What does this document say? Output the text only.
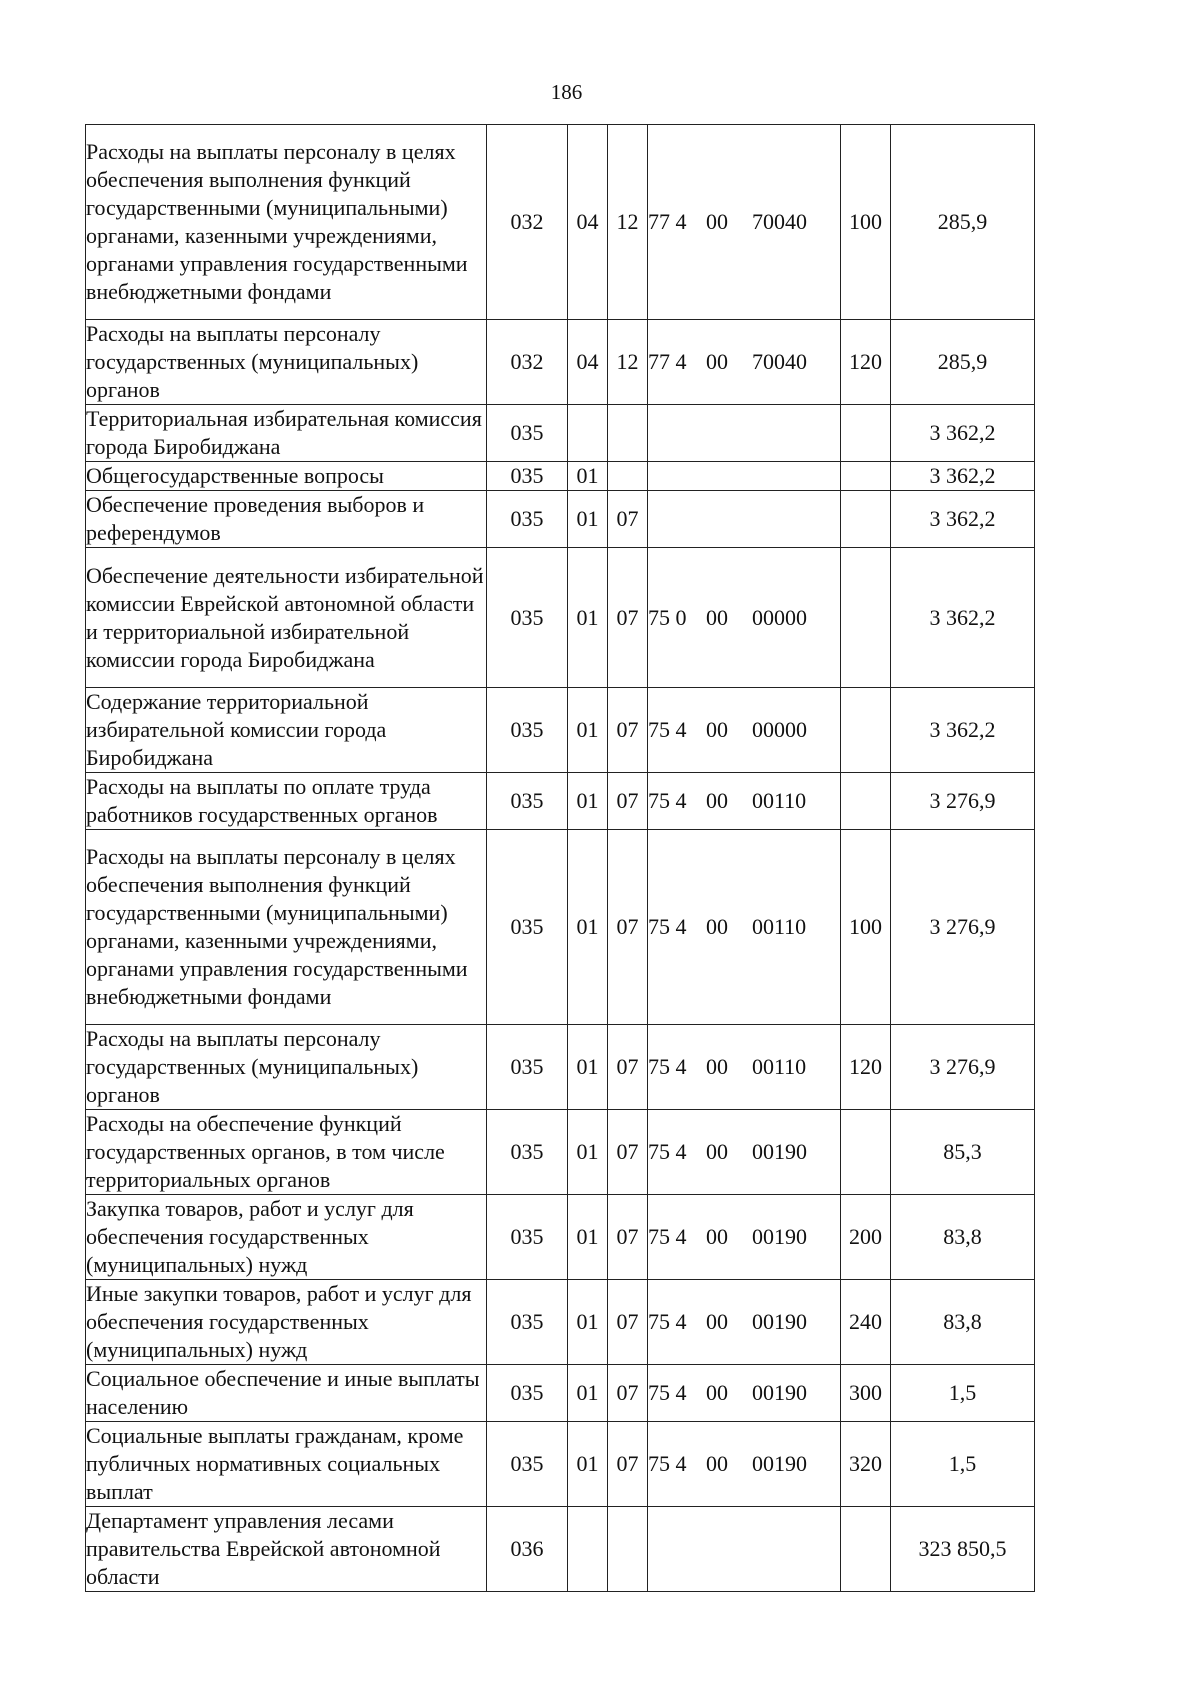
186
Расходы на выплаты персоналу в целях обеспечения выполнения функций государственными (муниципальными) органами, казенными учреждениями, органами управления государственными внебюджетными фондами	032	04	12	77 4 00 70040	100	285,9
Расходы на выплаты персоналу государственных (муниципальных) органов	032	04	12	77 4 00 70040	120	285,9
Территориальная избирательная комиссия города Биробиджана	035					3 362,2
Общегосударственные вопросы	035	01				3 362,2
Обеспечение проведения выборов и референдумов	035	01	07			3 362,2
Обеспечение деятельности избирательной комиссии Еврейской автономной области и территориальной избирательной комиссии города Биробиджана	035	01	07	75 0 00 00000		3 362,2
Содержание территориальной избирательной комиссии города Биробиджана	035	01	07	75 4 00 00000		3 362,2
Расходы на выплаты по оплате труда работников государственных органов	035	01	07	75 4 00 00110		3 276,9
Расходы на выплаты персоналу в целях обеспечения выполнения функций государственными (муниципальными) органами, казенными учреждениями, органами управления государственными внебюджетными фондами	035	01	07	75 4 00 00110	100	3 276,9
Расходы на выплаты персоналу государственных (муниципальных) органов	035	01	07	75 4 00 00110	120	3 276,9
Расходы на обеспечение функций государственных органов, в том числе территориальных органов	035	01	07	75 4 00 00190		85,3
Закупка товаров, работ и услуг для обеспечения государственных (муниципальных) нужд	035	01	07	75 4 00 00190	200	83,8
Иные закупки товаров, работ и услуг для обеспечения государственных (муниципальных) нужд	035	01	07	75 4 00 00190	240	83,8
Социальное обеспечение и иные выплаты населению	035	01	07	75 4 00 00190	300	1,5
Социальные выплаты гражданам, кроме публичных нормативных социальных выплат	035	01	07	75 4 00 00190	320	1,5
Департамент управления лесами правительства Еврейской автономной области	036					323 850,5
